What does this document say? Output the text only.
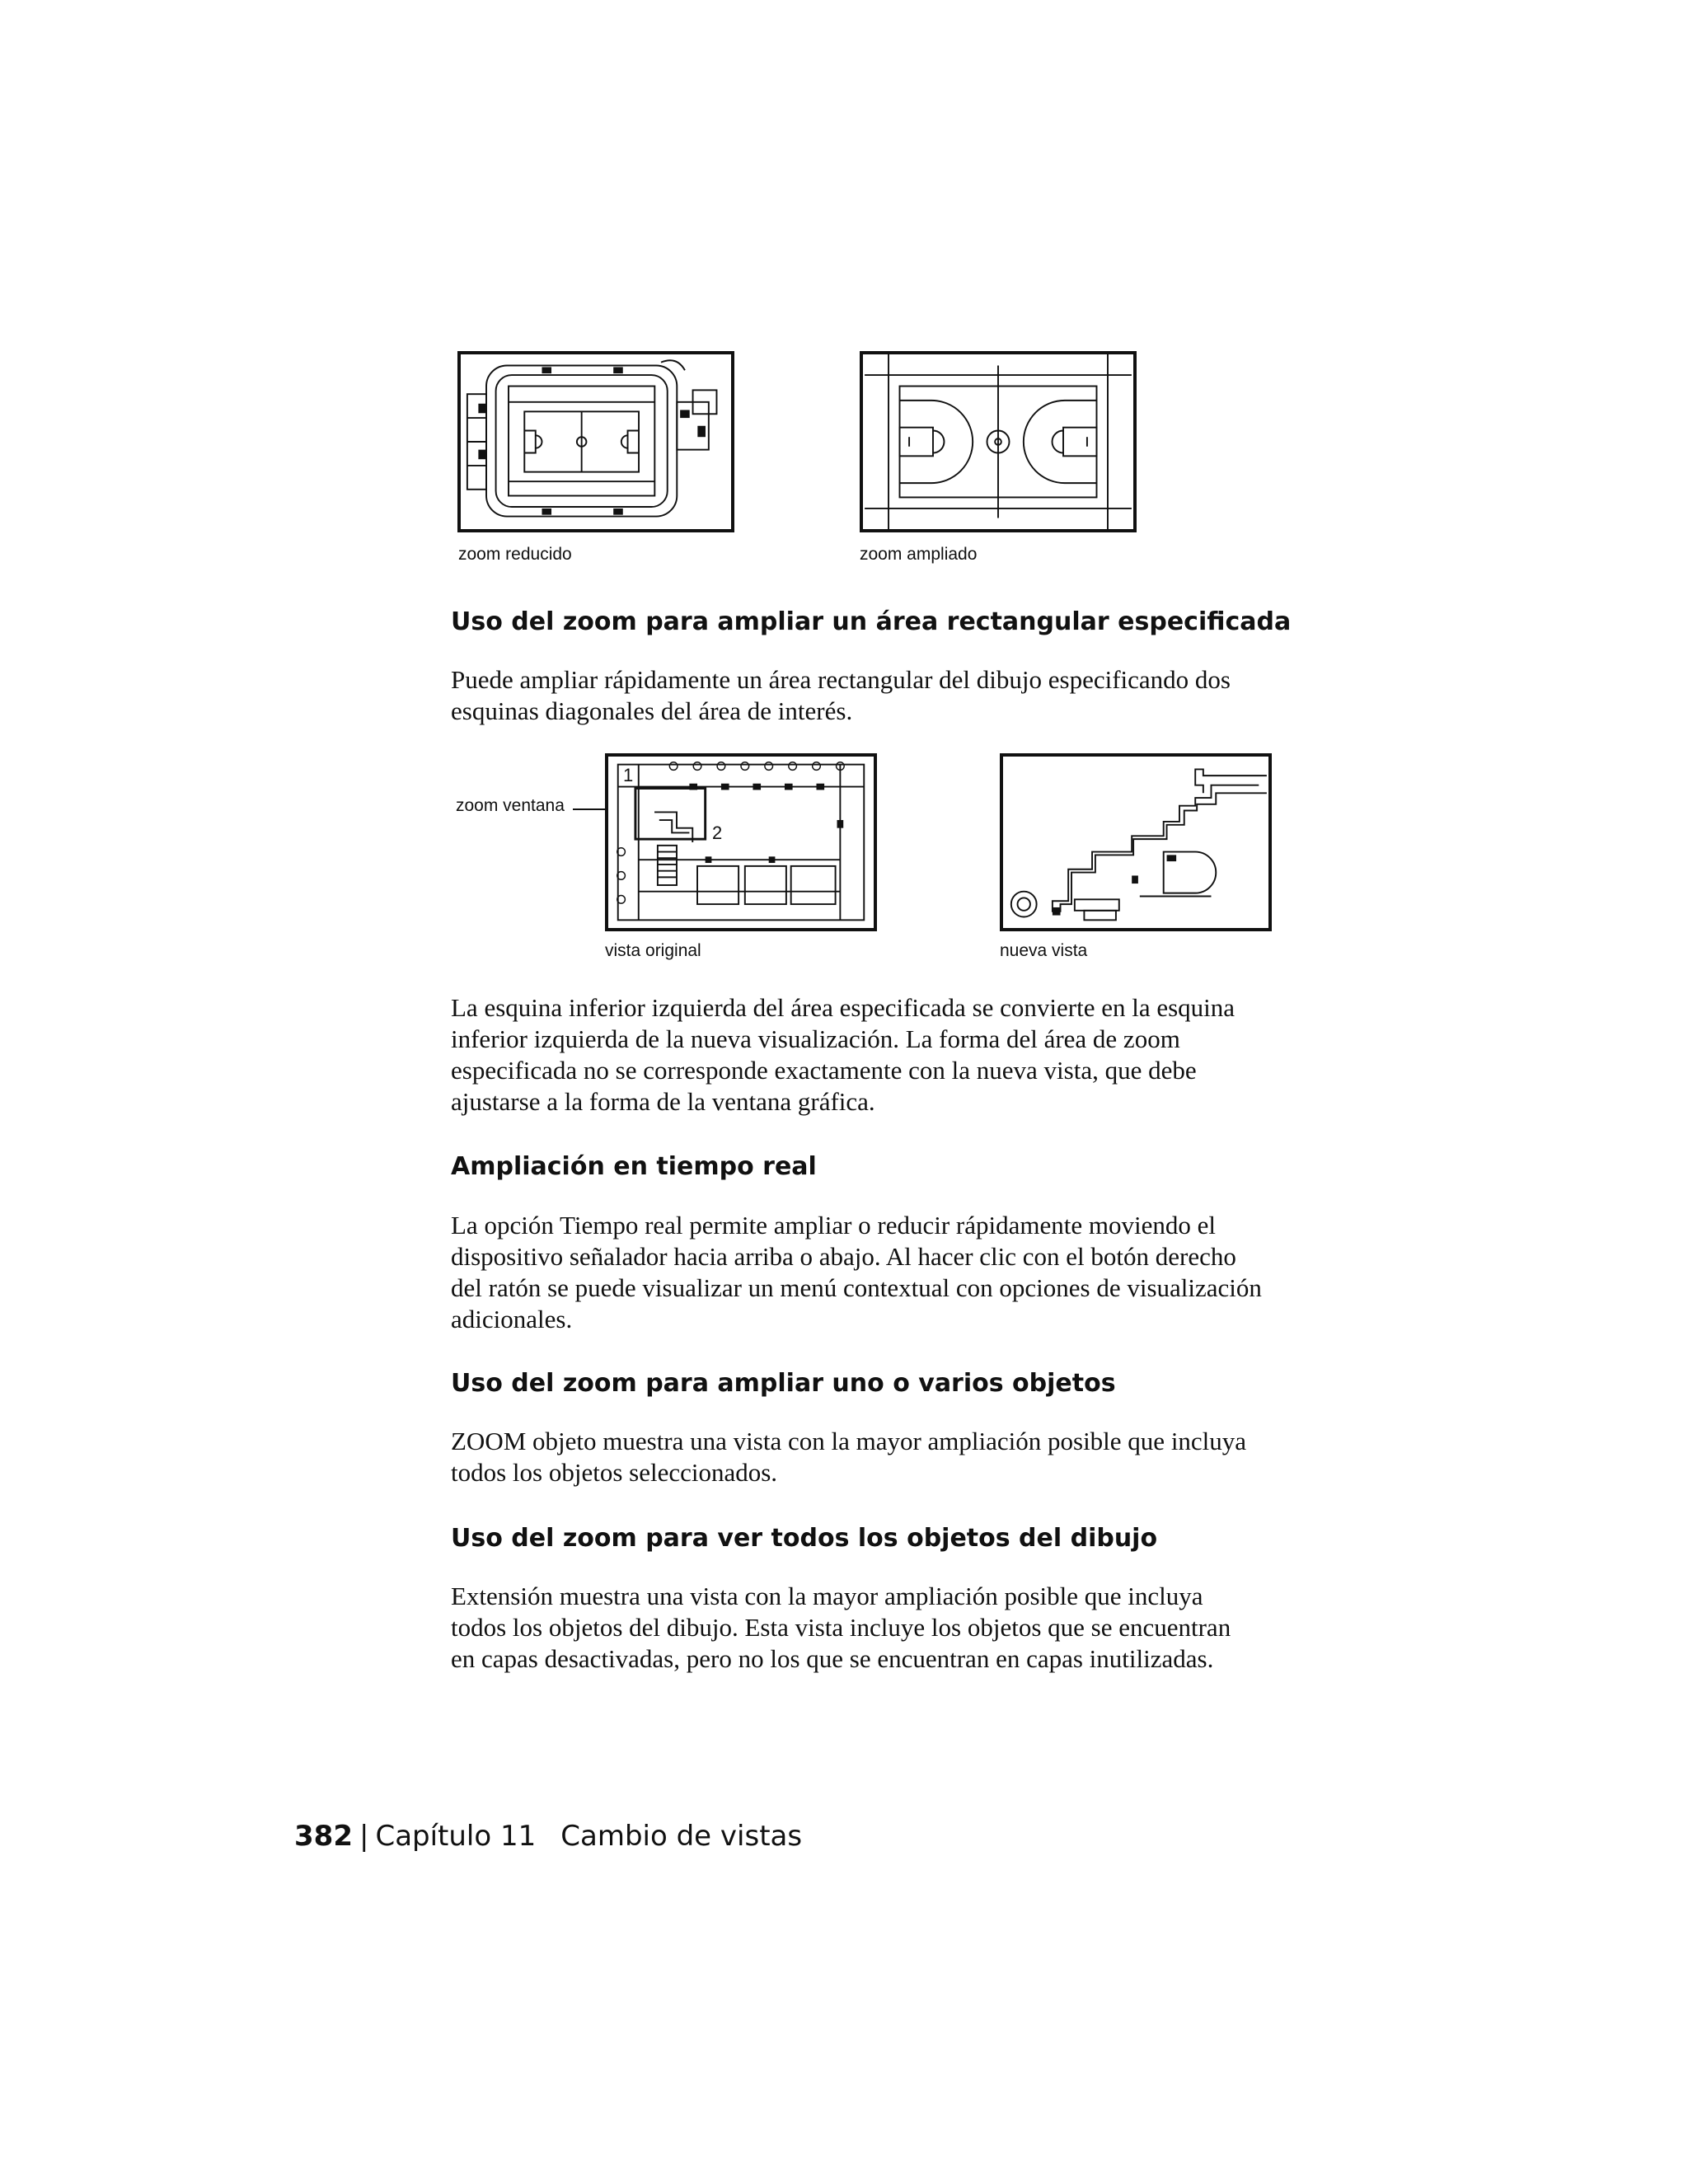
zoom reducido	zoom ampliado
Uso del zoom para ampliar un área rectangular especificada
Puede ampliar rápidamente un área rectangular del dibujo especificando dos
esquinas diagonales del área de interés.
zoom ventana
1
2
vista original	nueva vista
La esquina inferior izquierda del área especificada se convierte en la esquina
inferior izquierda de la nueva visualización. La forma del área de zoom
especificada no se corresponde exactamente con la nueva vista, que debe
ajustarse a la forma de la ventana gráfica.
Ampliación en tiempo real
La opción Tiempo real permite ampliar o reducir rápidamente moviendo el
dispositivo señalador hacia arriba o abajo. Al hacer clic con el botón derecho
del ratón se puede visualizar un menú contextual con opciones de visualización
adicionales.
Uso del zoom para ampliar uno o varios objetos
ZOOM objeto muestra una vista con la mayor ampliación posible que incluya
todos los objetos seleccionados.
Uso del zoom para ver todos los objetos del dibujo
Extensión muestra una vista con la mayor ampliación posible que incluya
todos los objetos del dibujo. Esta vista incluye los objetos que se encuentran
en capas desactivadas, pero no los que se encuentran en capas inutilizadas.
382 | Capítulo 11 Cambio de vistas
